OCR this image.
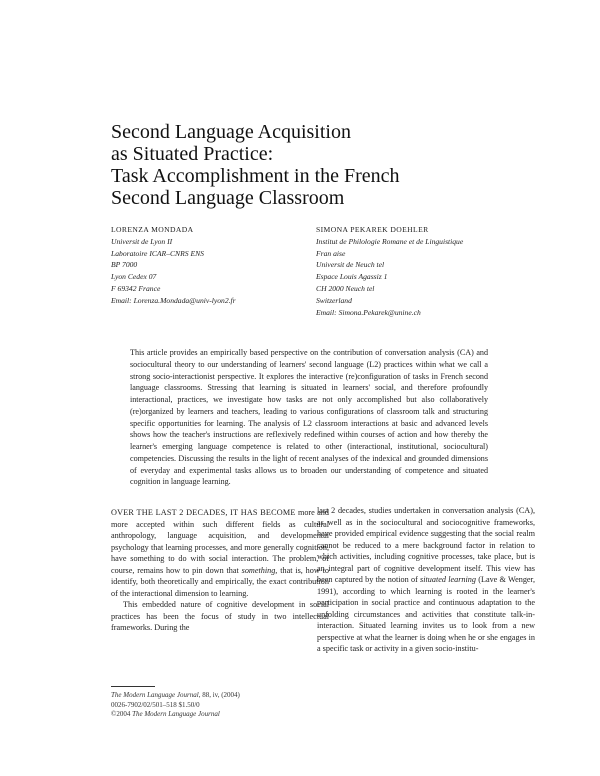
Second Language Acquisition
as Situated Practice:
Task Accomplishment in the French
Second Language Classroom
LORENZA MONDADA
Universit de Lyon II
Laboratoire ICAR–CNRS ENS
BP 7000
Lyon Cedex 07
F 69342 France
Email: Lorenza.Mondada@univ-lyon2.fr
SIMONA PEKAREK DOEHLER
Institut de Philologie Romane et de Linguistique
Fran aise
Universit de Neuch tel
Espace Louis Agassiz 1
CH 2000 Neuch tel
Switzerland
Email: Simona.Pekarek@unine.ch
This article provides an empirically based perspective on the contribution of conversation analysis (CA) and sociocultural theory to our understanding of learners' second language (L2) practices within what we call a strong socio-interactionist perspective. It explores the interactive (re)configuration of tasks in French second language classrooms. Stressing that learning is situated in learners' social, and therefore profoundly interactional, practices, we investigate how tasks are not only accomplished but also collaboratively (re)organized by learners and teachers, leading to various configurations of classroom talk and structuring specific opportunities for learning. The analysis of L2 classroom interactions at basic and advanced levels shows how the teacher's instructions are reflexively redefined within courses of action and how thereby the learner's emerging language competence is related to other (interactional, institutional, sociocultural) competencies. Discussing the results in the light of recent analyses of the indexical and grounded dimensions of everyday and experimental tasks allows us to broaden our understanding of competence and situated cognition in language learning.

OVER THE LAST 2 DECADES, IT HAS BECOME more and more accepted within such different fields as cultural anthropology, language acquisition, and developmental psychology that learning processes, and more generally cognition, have something to do with social interaction. The problem, of course, remains how to pin down that something, that is, how to identify, both theoretically and empirically, the exact contribution of the interactional dimension to learning.

This embedded nature of cognitive development in social practices has been the focus of study in two intellectual frameworks. During the

last 2 decades, studies undertaken in conversation analysis (CA), as well as in the sociocultural and sociocognitive frameworks, have provided empirical evidence suggesting that the social realm cannot be reduced to a mere background factor in relation to which activities, including cognitive processes, take place, but is an integral part of cognitive development itself. This view has been captured by the notion of situated learning (Lave & Wenger, 1991), according to which learning is rooted in the learner's participation in social practice and continuous adaptation to the unfolding circumstances and activities that constitute talk-in-interaction. Situated learning invites us to look from a new perspective at what the learner is doing when he or she engages in a specific task or activity in a given socio-institu-

The Modern Language Journal, 88, iv, (2004)
0026-7902/02/501–518 $1.50/0
©2004 The Modern Language Journal
